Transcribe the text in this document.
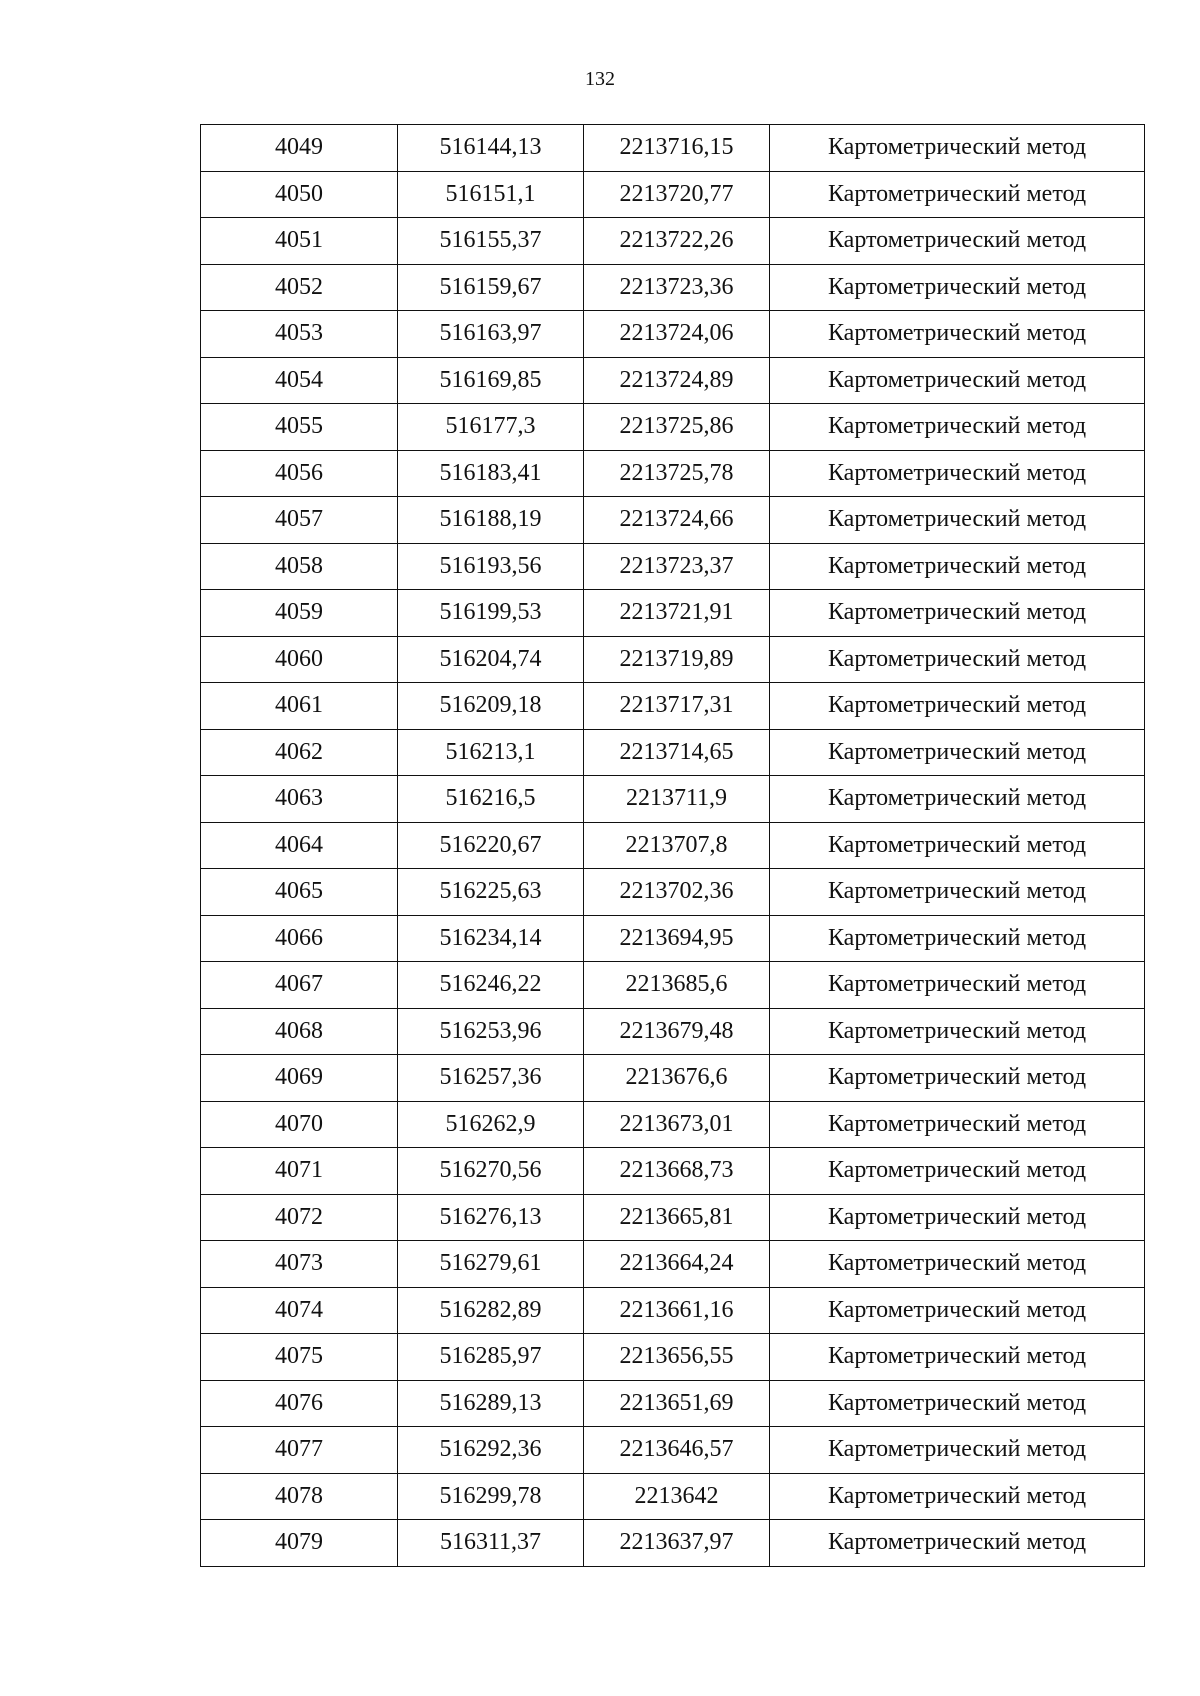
132
4049	516144,13	2213716,15	Картометрический метод
4050	516151,1	2213720,77	Картометрический метод
4051	516155,37	2213722,26	Картометрический метод
4052	516159,67	2213723,36	Картометрический метод
4053	516163,97	2213724,06	Картометрический метод
4054	516169,85	2213724,89	Картометрический метод
4055	516177,3	2213725,86	Картометрический метод
4056	516183,41	2213725,78	Картометрический метод
4057	516188,19	2213724,66	Картометрический метод
4058	516193,56	2213723,37	Картометрический метод
4059	516199,53	2213721,91	Картометрический метод
4060	516204,74	2213719,89	Картометрический метод
4061	516209,18	2213717,31	Картометрический метод
4062	516213,1	2213714,65	Картометрический метод
4063	516216,5	2213711,9	Картометрический метод
4064	516220,67	2213707,8	Картометрический метод
4065	516225,63	2213702,36	Картометрический метод
4066	516234,14	2213694,95	Картометрический метод
4067	516246,22	2213685,6	Картометрический метод
4068	516253,96	2213679,48	Картометрический метод
4069	516257,36	2213676,6	Картометрический метод
4070	516262,9	2213673,01	Картометрический метод
4071	516270,56	2213668,73	Картометрический метод
4072	516276,13	2213665,81	Картометрический метод
4073	516279,61	2213664,24	Картометрический метод
4074	516282,89	2213661,16	Картометрический метод
4075	516285,97	2213656,55	Картометрический метод
4076	516289,13	2213651,69	Картометрический метод
4077	516292,36	2213646,57	Картометрический метод
4078	516299,78	2213642	Картометрический метод
4079	516311,37	2213637,97	Картометрический метод
